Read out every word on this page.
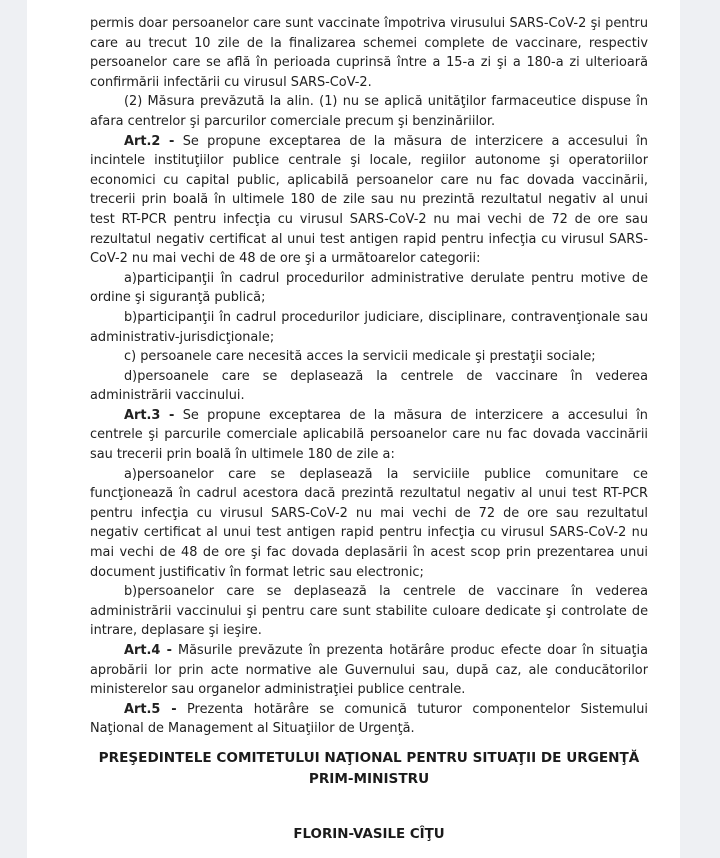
permis doar persoanelor care sunt vaccinate împotriva virusului SARS-CoV-2 şi pentru care au trecut 10 zile de la finalizarea schemei complete de vaccinare, respectiv persoanelor care se află în perioada cuprinsă între a 15-a zi şi a 180-a zi ulterioară confirmării infectării cu virusul SARS-CoV-2.

(2) Măsura prevăzută la alin. (1) nu se aplică unităţilor farmaceutice dispuse în afara centrelor şi parcurilor comerciale precum şi benzinăriilor.

Art.2 - Se propune exceptarea de la măsura de interzicere a accesului în incintele instituţiilor publice centrale şi locale, regiilor autonome şi operatoriilor economici cu capital public, aplicabilă persoanelor care nu fac dovada vaccinării, trecerii prin boală în ultimele 180 de zile sau nu prezintă rezultatul negativ al unui test RT-PCR pentru infecţia cu virusul SARS-CoV-2 nu mai vechi de 72 de ore sau rezultatul negativ certificat al unui test antigen rapid pentru infecţia cu virusul SARS-CoV-2 nu mai vechi de 48 de ore şi a următoarelor categorii:

a)participanţii în cadrul procedurilor administrative derulate pentru motive de ordine şi siguranţă publică;

b)participanţii în cadrul procedurilor judiciare, disciplinare, contravenţionale sau administrativ-jurisdicţionale;

c) persoanele care necesită acces la servicii medicale şi prestaţii sociale;

d)persoanele care se deplasează la centrele de vaccinare în vederea administrării vaccinului.

Art.3 - Se propune exceptarea de la măsura de interzicere a accesului în centrele şi parcurile comerciale aplicabilă persoanelor care nu fac dovada vaccinării sau trecerii prin boală în ultimele 180 de zile a:

a)persoanelor care se deplasează la serviciile publice comunitare ce funcţionează în cadrul acestora dacă prezintă rezultatul negativ al unui test RT-PCR pentru infecţia cu virusul SARS-CoV-2 nu mai vechi de 72 de ore sau rezultatul negativ certificat al unui test antigen rapid pentru infecţia cu virusul SARS-CoV-2 nu mai vechi de 48 de ore şi fac dovada deplasării în acest scop prin prezentarea unui document justificativ în format letric sau electronic;

b)persoanelor care se deplasează la centrele de vaccinare în vederea administrării vaccinului şi pentru care sunt stabilite culoare dedicate şi controlate de intrare, deplasare şi ieşire.

Art.4 - Măsurile prevăzute în prezenta hotărâre produc efecte doar în situaţia aprobării lor prin acte normative ale Guvernului sau, după caz, ale conducătorilor ministerelor sau organelor administraţiei publice centrale.

Art.5 - Prezenta hotărâre se comunică tuturor componentelor Sistemului Naţional de Management al Situaţiilor de Urgenţă.

PREŞEDINTELE COMITETULUI NAŢIONAL PENTRU SITUAŢII DE URGENŢĂ
PRIM-MINISTRU
FLORIN-VASILE CÎŢU
